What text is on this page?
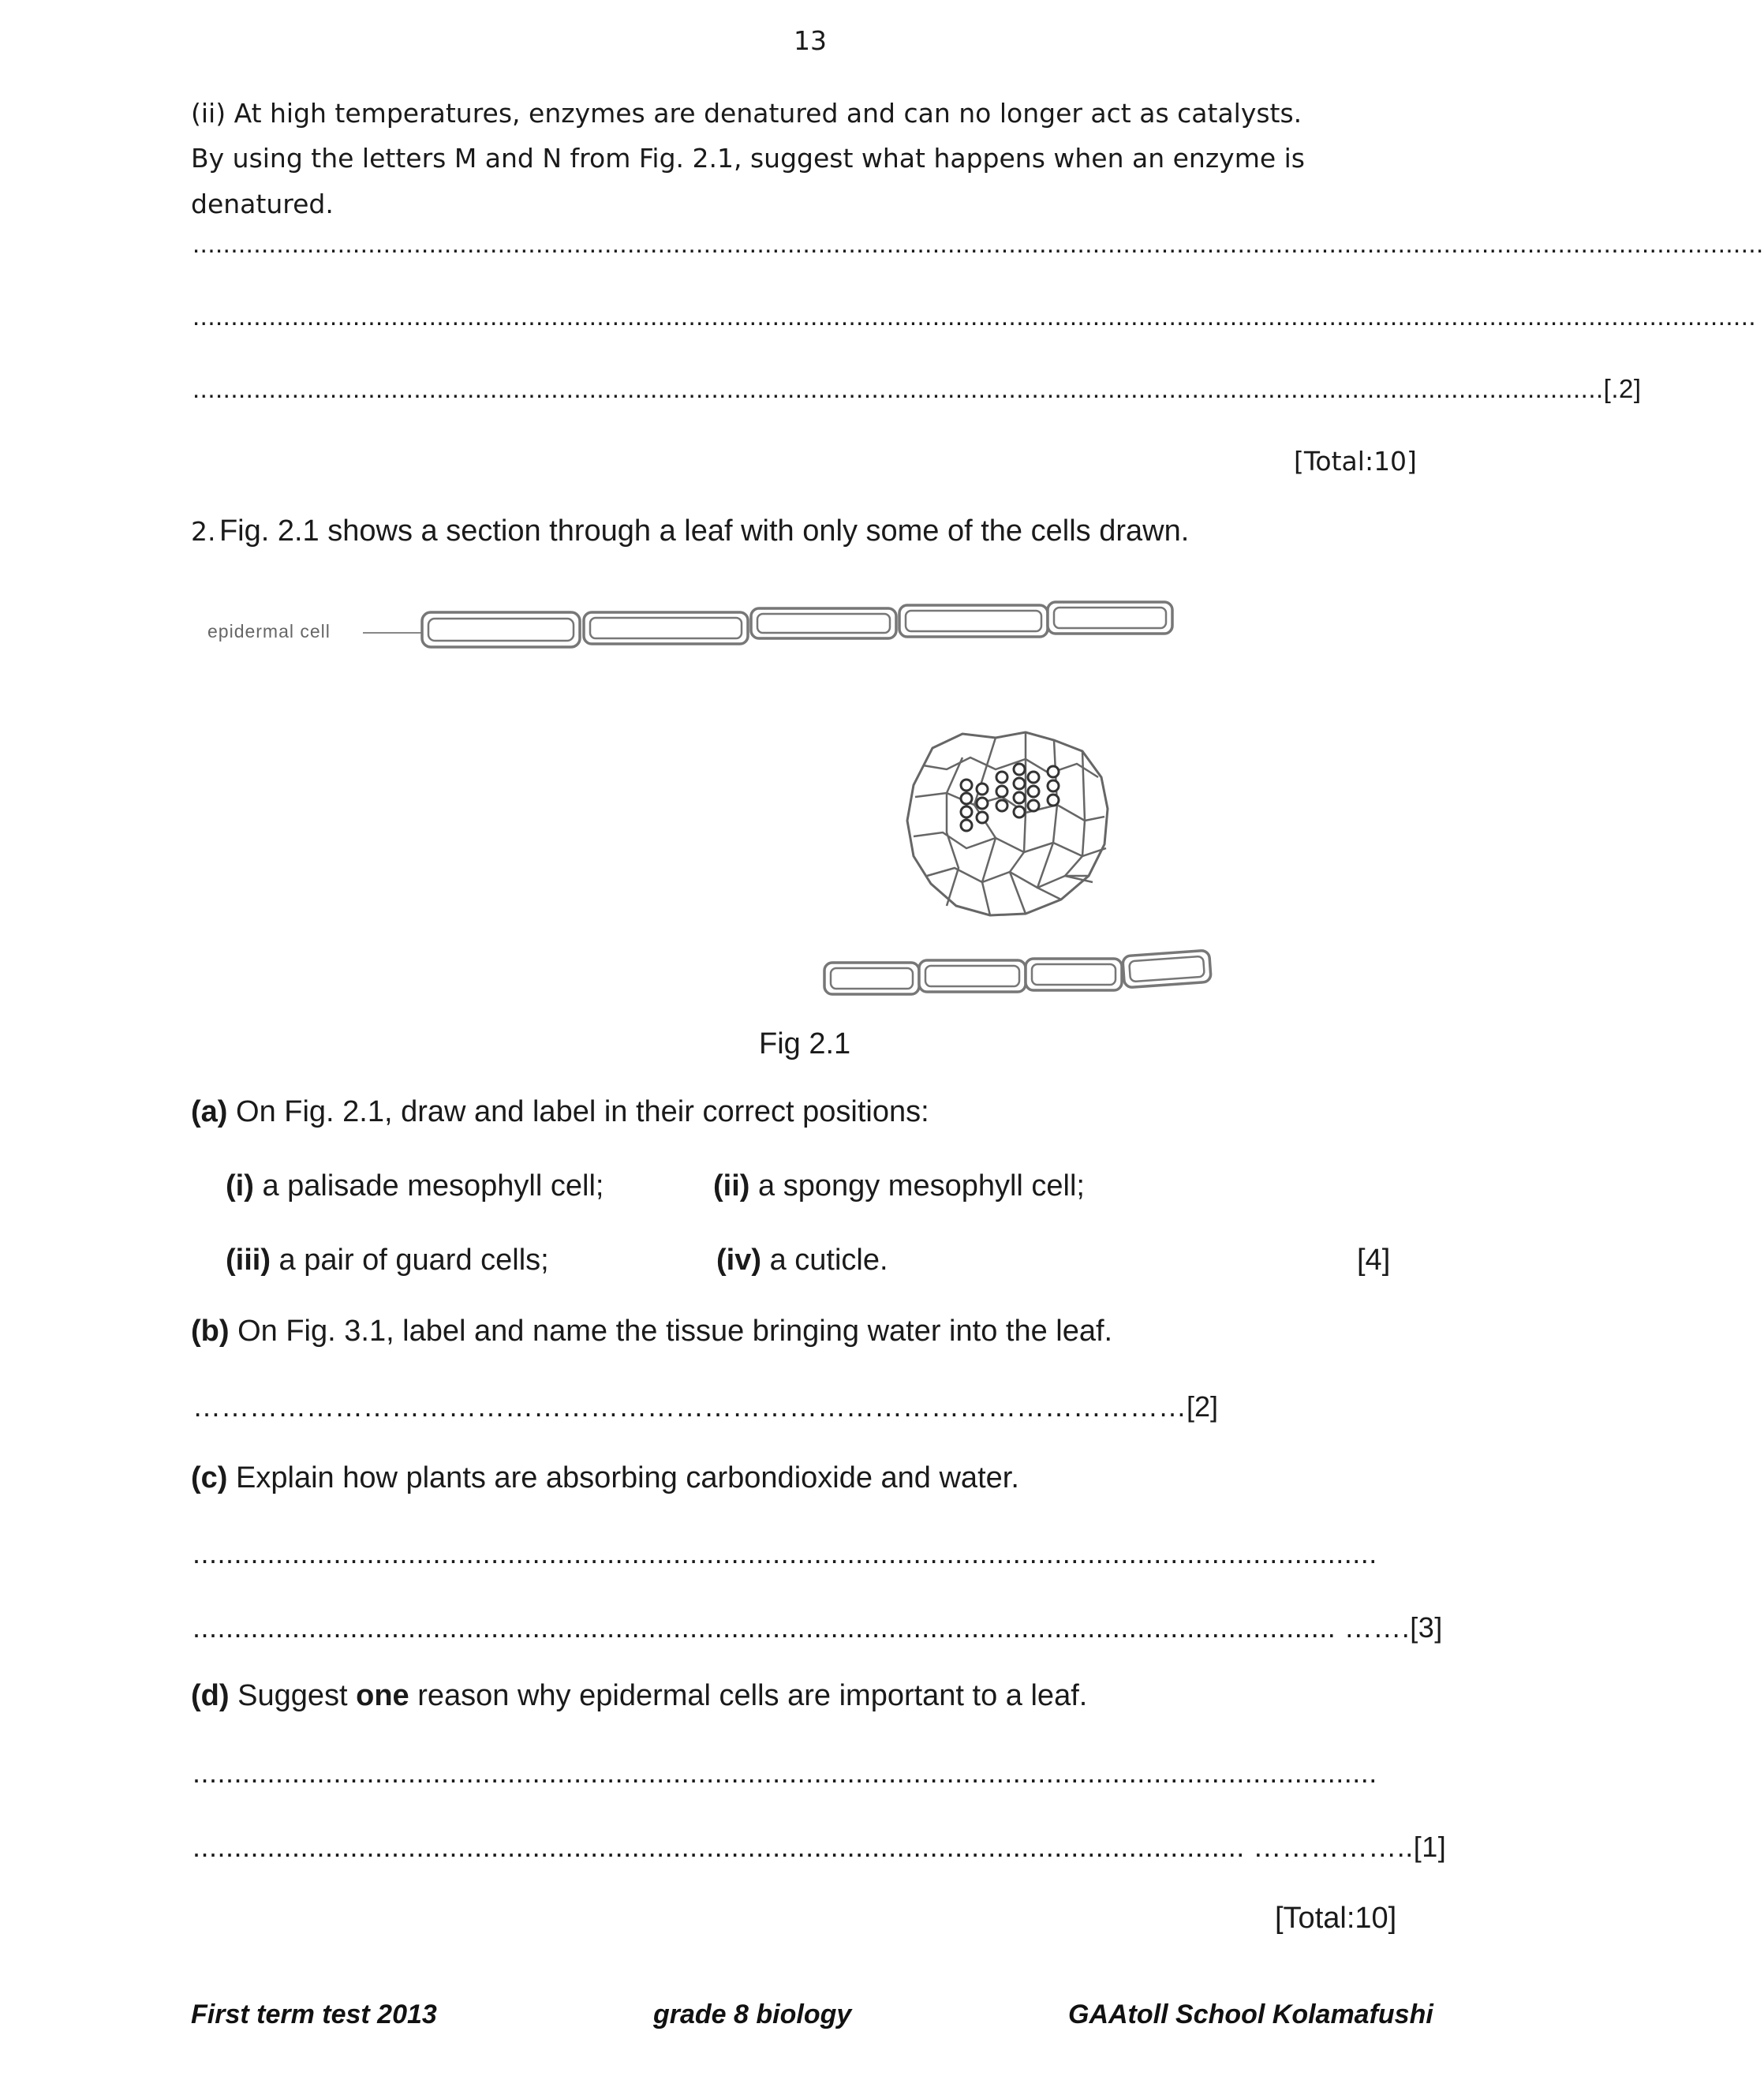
13
(ii) At high temperatures, enzymes are denatured and can no longer act as catalysts.
By using the letters M and N from Fig. 2.1, suggest what happens when an enzyme is
denatured.
..............................................................................................................................................................................................................
.............................................................................................................................................................................................................
.........................................................................................................................................................................................[.2]
[Total:10]
2. Fig. 2.1 shows a section through a leaf with only some of the cells drawn.
epidermal cell
Fig 2.1
(a) On Fig. 2.1, draw and label in their correct positions:
(i) a palisade mesophyll cell;	(ii) a spongy mesophyll cell;
(iii) a pair of guard cells;	(iv) a cuticle.	[4]
(b) On Fig. 3.1, label and name the tissue bringing water into the leaf.
……………………………………………………………………………………………[2]
(c) Explain how plants are absorbing carbondioxide and water.
...............................................................................................................................................
.......................................................................................................................................... …….[3]
(d) Suggest one reason why epidermal cells are important to a leaf.
...............................................................................................................................................
............................................................................................................................... ……………..[1]
[Total:10]
First term test 2013	grade 8 biology	GAAtoll School Kolamafushi
